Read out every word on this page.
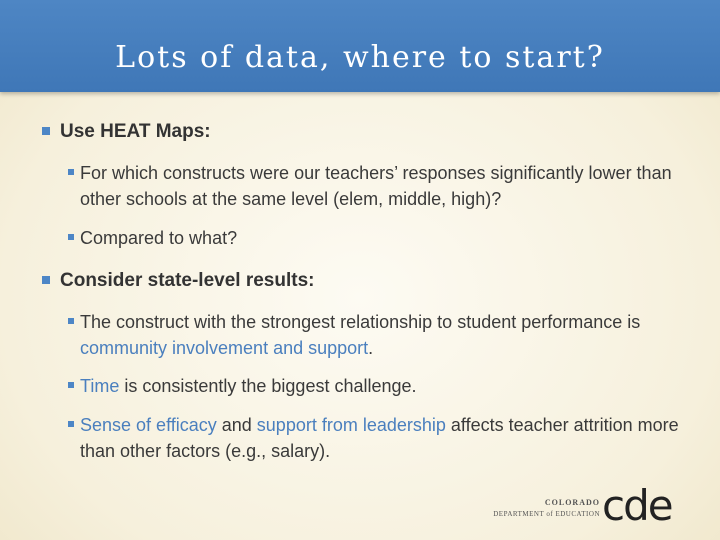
Lots of data, where to start?
Use HEAT Maps:
For which constructs were our teachers’ responses significantly lower than other schools at the same level (elem, middle, high)?
Compared to what?
Consider state-level results:
The construct with the strongest relationship to student performance is community involvement and support.
Time is consistently the biggest challenge.
Sense of efficacy and support from leadership affects teacher attrition more than other factors (e.g., salary).
COLORADO
DEPARTMENT of EDUCATION cde
